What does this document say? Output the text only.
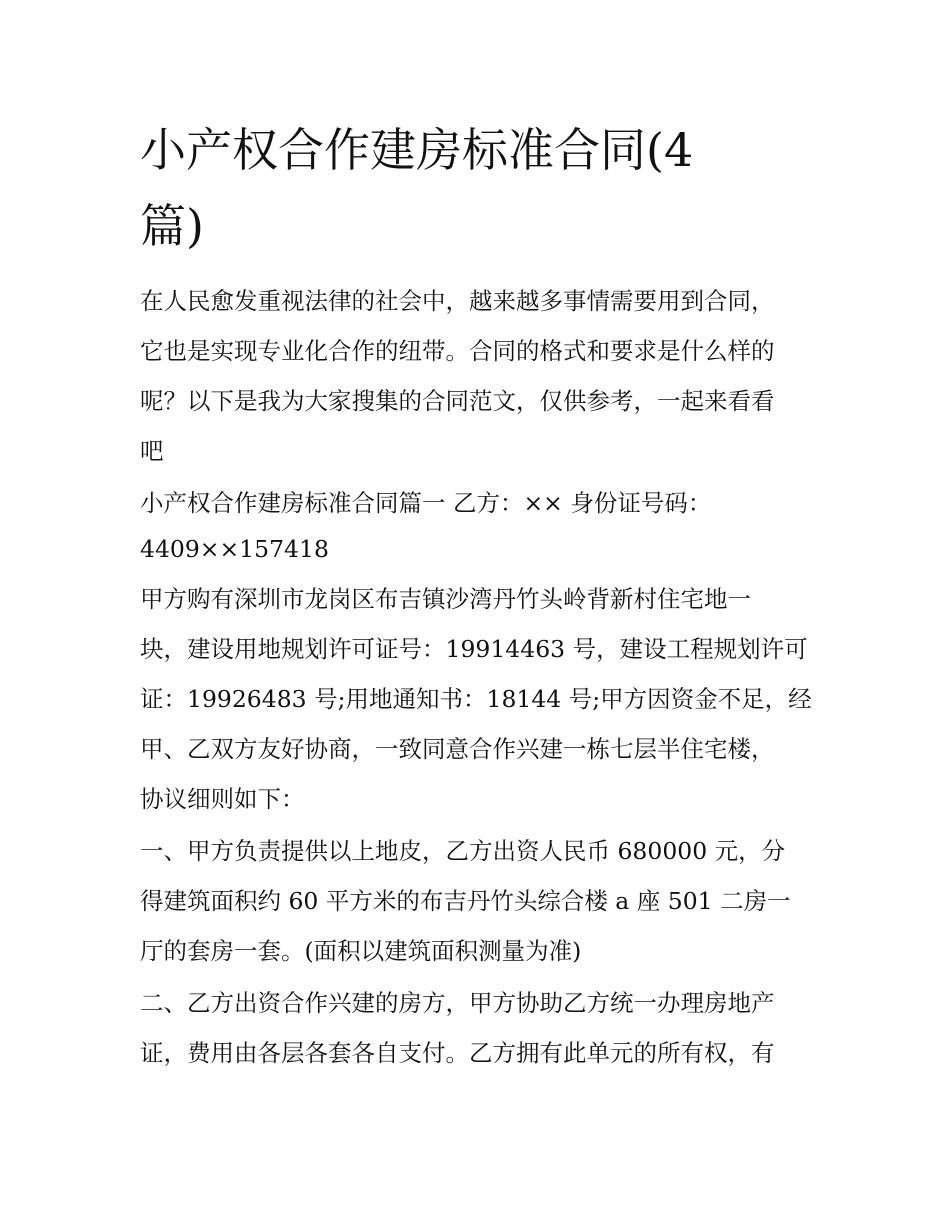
小产权合作建房标准合同(4
篇)
在人民愈发重视法律的社会中，越来越多事情需要用到合同，
它也是实现专业化合作的纽带。合同的格式和要求是什么样的
呢？以下是我为大家搜集的合同范文，仅供参考，一起来看看
吧
小产权合作建房标准合同篇一 乙方：×× 身份证号码：
4409××157418
甲方购有深圳市龙岗区布吉镇沙湾丹竹头岭背新村住宅地一
块，建设用地规划许可证号：19914463 号，建设工程规划许可
证：19926483 号;用地通知书：18144 号;甲方因资金不足，经
甲、乙双方友好协商，一致同意合作兴建一栋七层半住宅楼，
协议细则如下：
一、甲方负责提供以上地皮，乙方出资人民币 680000 元，分
得建筑面积约 60 平方米的布吉丹竹头综合楼 a 座 501 二房一
厅的套房一套。(面积以建筑面积测量为准)
二、乙方出资合作兴建的房方，甲方协助乙方统一办理房地产
证，费用由各层各套各自支付。乙方拥有此单元的所有权，有
